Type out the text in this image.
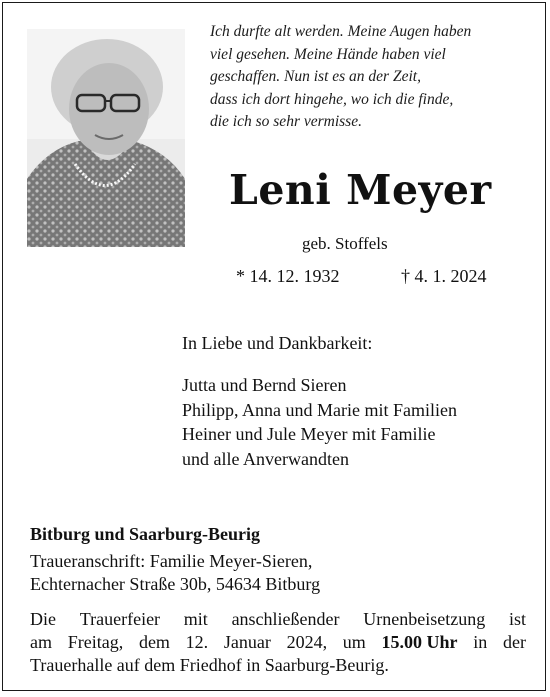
Ich durfte alt werden. Meine Augen haben
viel gesehen. Meine Hände haben viel
geschaffen. Nun ist es an der Zeit,
dass ich dort hingehe, wo ich die finde,
die ich so sehr vermisse.
Leni Meyer
geb. Stoffels
* 14. 12. 1932	† 4. 1. 2024
In Liebe und Dankbarkeit:
Jutta und Bernd Sieren
Philipp, Anna und Marie mit Familien
Heiner und Jule Meyer mit Familie
und alle Anverwandten
Bitburg und Saarburg-Beurig
Traueranschrift: Familie Meyer-Sieren,
Echternacher Straße 30b, 54634 Bitburg
Die Trauerfeier mit anschließender Urnenbeisetzung ist
am Freitag, dem 12. Januar 2024, um 15.00 Uhr in der
Trauerhalle auf dem Friedhof in Saarburg-Beurig.
